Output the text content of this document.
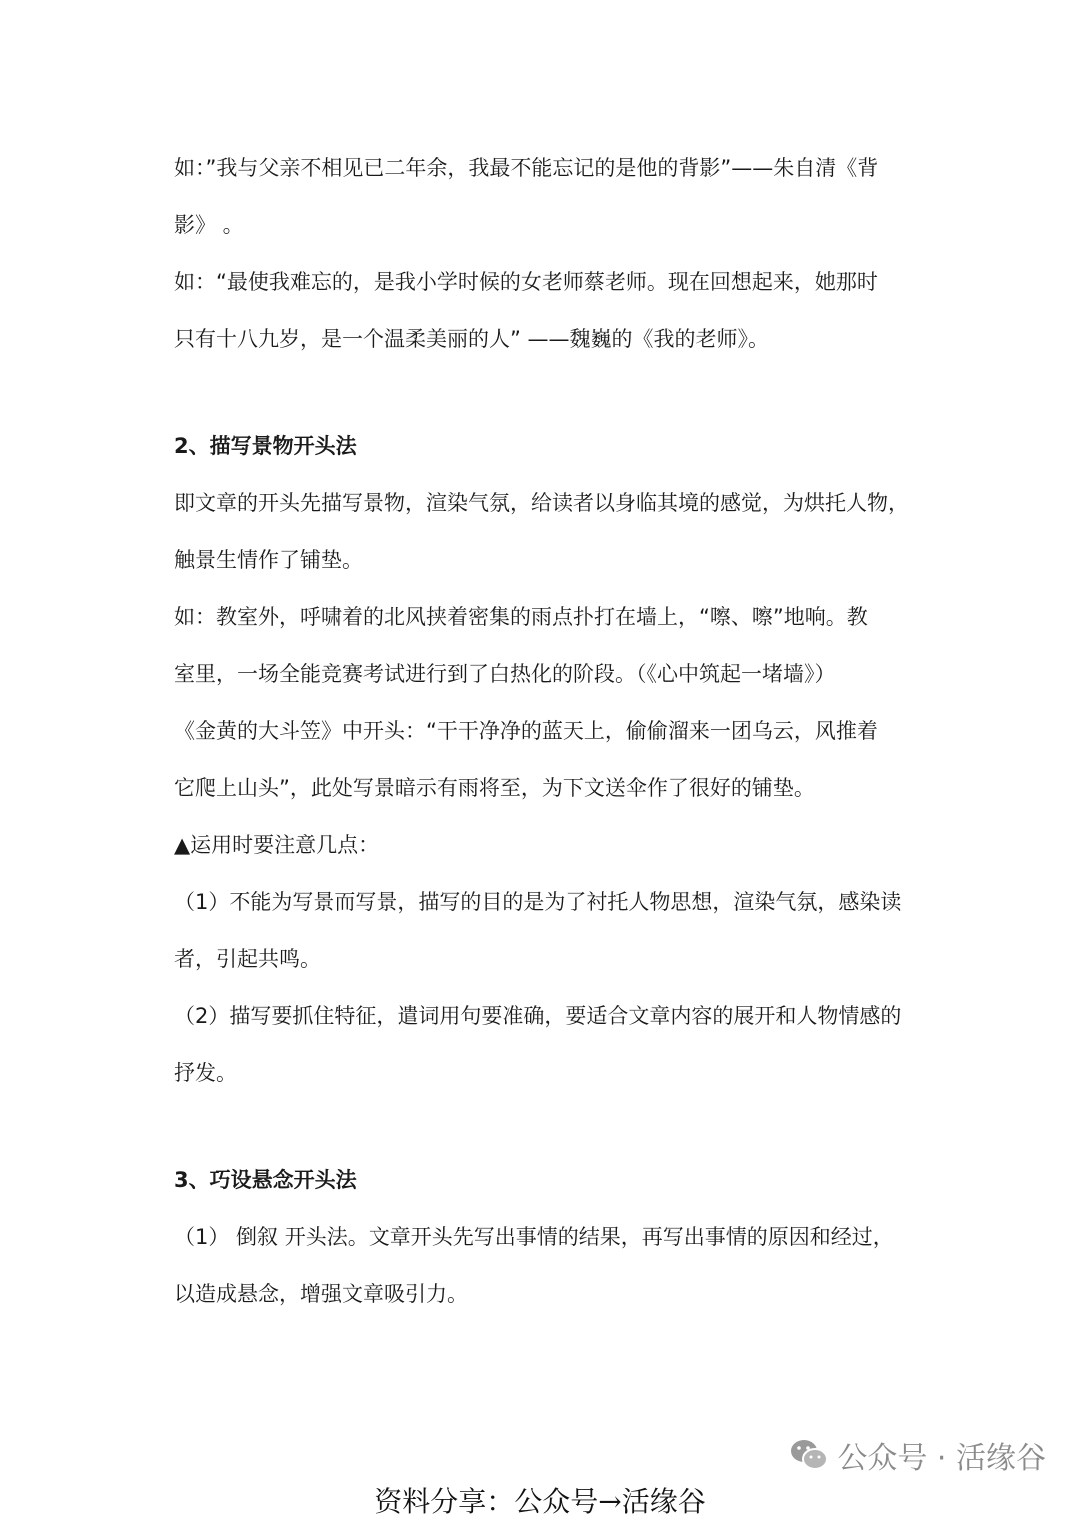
如：”我与父亲不相见已二年余，我最不能忘记的是他的背影”——朱自清《背
影》 。
如：“最使我难忘的，是我小学时候的女老师蔡老师。现在回想起来，她那时
只有十八九岁，是一个温柔美丽的人” ——魏巍的《我的老师》。
2、描写景物开头法
即文章的开头先描写景物，渲染气氛，给读者以身临其境的感觉，为烘托人物，
触景生情作了铺垫。
如：教室外，呼啸着的北风挟着密集的雨点扑打在墙上，“嚓、嚓”地响。教
室里，一场全能竞赛考试进行到了白热化的阶段。（《心中筑起一堵墙》）
《金黄的大斗笠》中开头：“干干净净的蓝天上，偷偷溜来一团乌云，风推着
它爬上山头”，此处写景暗示有雨将至，为下文送伞作了很好的铺垫。
▲运用时要注意几点：
（1）不能为写景而写景，描写的目的是为了衬托人物思想，渲染气氛，感染读
者，引起共鸣。
（2）描写要抓住特征，遣词用句要准确，要适合文章内容的展开和人物情感的
抒发。
3、巧设悬念开头法
（1） 倒叙 开头法。文章开头先写出事情的结果，再写出事情的原因和经过，
以造成悬念，增强文章吸引力。
公众号 · 活缘谷
资料分享：公众号→活缘谷
